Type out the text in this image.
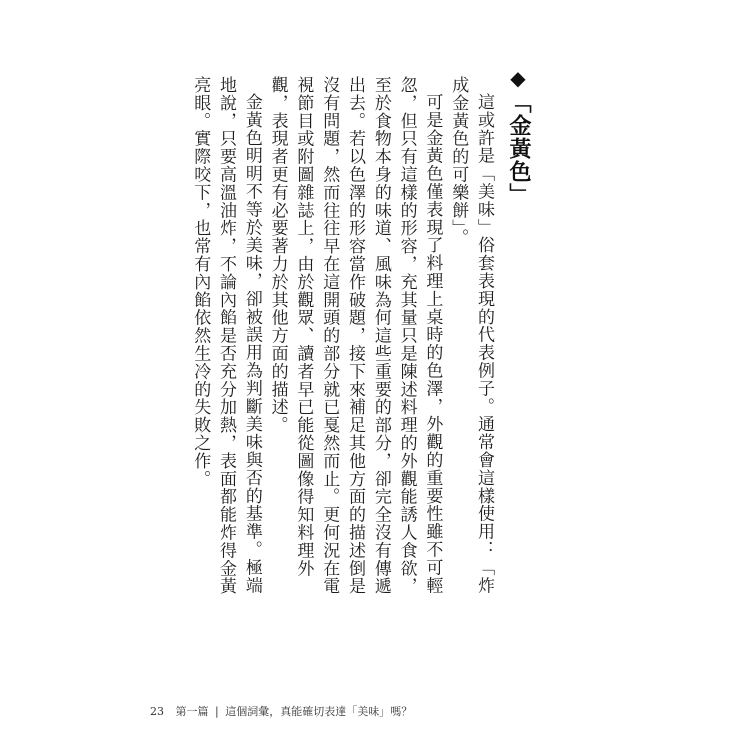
◆「金黃色」

這或許是「美味」俗套表現的代表例子。通常會這樣使用：「炸成金黃色的可樂餅」。

可是金黃色僅表現了料理上桌時的色澤，外觀的重要性雖不可輕忽，但只有這樣的形容，充其量只是陳述料理的外觀能誘人食欲，至於食物本身的味道、風味為何這些重要的部分，卻完全沒有傳遞出去。若以色澤的形容當作破題，接下來補足其他方面的描述倒是沒有問題，然而往往早在這開頭的部分就已戛然而止。更何況在電視節目或附圖雜誌上，由於觀眾、讀者早已能從圖像得知料理外觀，表現者更有必要著力於其他方面的描述。

金黃色明明不等於美味，卻被誤用為判斷美味與否的基準。極端地說，只要高溫油炸，不論內餡是否充分加熱，表面都能炸得金黃亮眼。實際咬下，也常有內餡依然生冷的失敗之作。

23 第一篇 | 這個詞彙，真能確切表達「美味」嗎？
